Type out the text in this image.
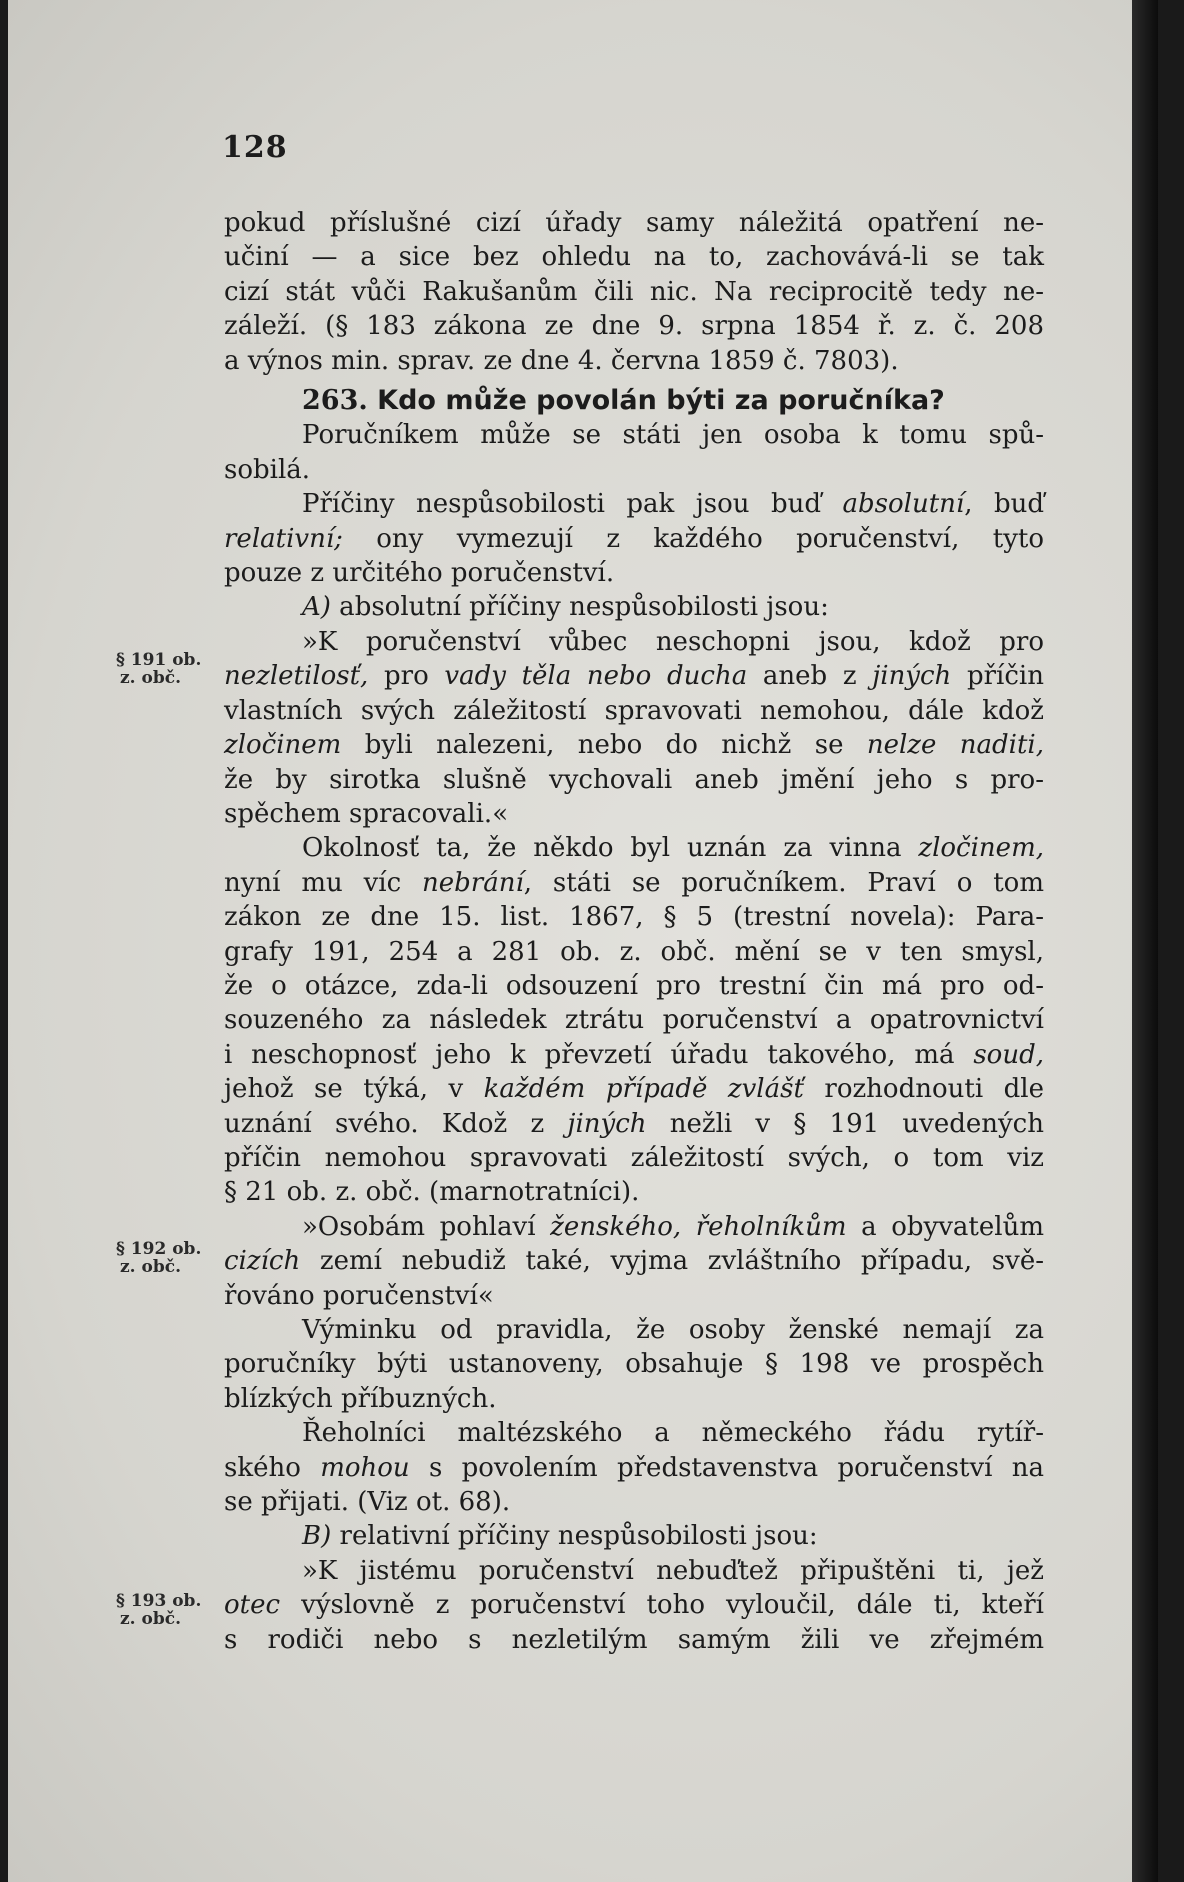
128
§ 191 ob.
z. obč.
§ 192 ob.
z. obč.
§ 193 ob.
z. obč.
pokud příslušné cizí úřady samy náležitá opatření ne-
učiní — a sice bez ohledu na to, zachovává-li se tak
cizí stát vůči Rakušanům čili nic. Na reciprocitě tedy ne-
záleží. (§ 183 zákona ze dne 9. srpna 1854 ř. z. č. 208
a výnos min. sprav. ze dne 4. června 1859 č. 7803).
263. Kdo může povolán býti za poručníka?
Poručníkem může se státi jen osoba k tomu spů-
sobilá.
Příčiny nespůsobilosti pak jsou buď absolutní, buď
relativní; ony vymezují z každého poručenství, tyto
pouze z určitého poručenství.
A) absolutní příčiny nespůsobilosti jsou:
»K poručenství vůbec neschopni jsou, kdož pro
nezletilosť, pro vady těla nebo ducha aneb z jiných příčin
vlastních svých záležitostí spravovati nemohou, dále kdož
zločinem byli nalezeni, nebo do nichž se nelze naditi,
že by sirotka slušně vychovali aneb jmění jeho s pro-
spěchem spracovali.«
Okolnosť ta, že někdo byl uznán za vinna zločinem,
nyní mu víc nebrání, státi se poručníkem. Praví o tom
zákon ze dne 15. list. 1867, § 5 (trestní novela): Para-
grafy 191, 254 a 281 ob. z. obč. mění se v ten smysl,
že o otázce, zda-li odsouzení pro trestní čin má pro od-
souzeného za následek ztrátu poručenství a opatrovnictví
i neschopnosť jeho k převzetí úřadu takového, má soud,
jehož se týká, v každém případě zvlášť rozhodnouti dle
uznání svého. Kdož z jiných nežli v § 191 uvedených
příčin nemohou spravovati záležitostí svých, o tom viz
§ 21 ob. z. obč. (marnotratníci).
»Osobám pohlaví ženského, řeholníkům a obyvatelům
cizích zemí nebudiž také, vyjma zvláštního případu, svě-
řováno poručenství«
Výminku od pravidla, že osoby ženské nemají za
poručníky býti ustanoveny, obsahuje § 198 ve prospěch
blízkých příbuzných.
Řeholníci maltézského a německého řádu rytíř-
ského mohou s povolením představenstva poručenství na
se přijati. (Viz ot. 68).
B) relativní příčiny nespůsobilosti jsou:
»K jistému poručenství nebuďtež připuštěni ti, jež
otec výslovně z poručenství toho vyloučil, dále ti, kteří
s rodiči nebo s nezletilým samým žili ve zřejmém
